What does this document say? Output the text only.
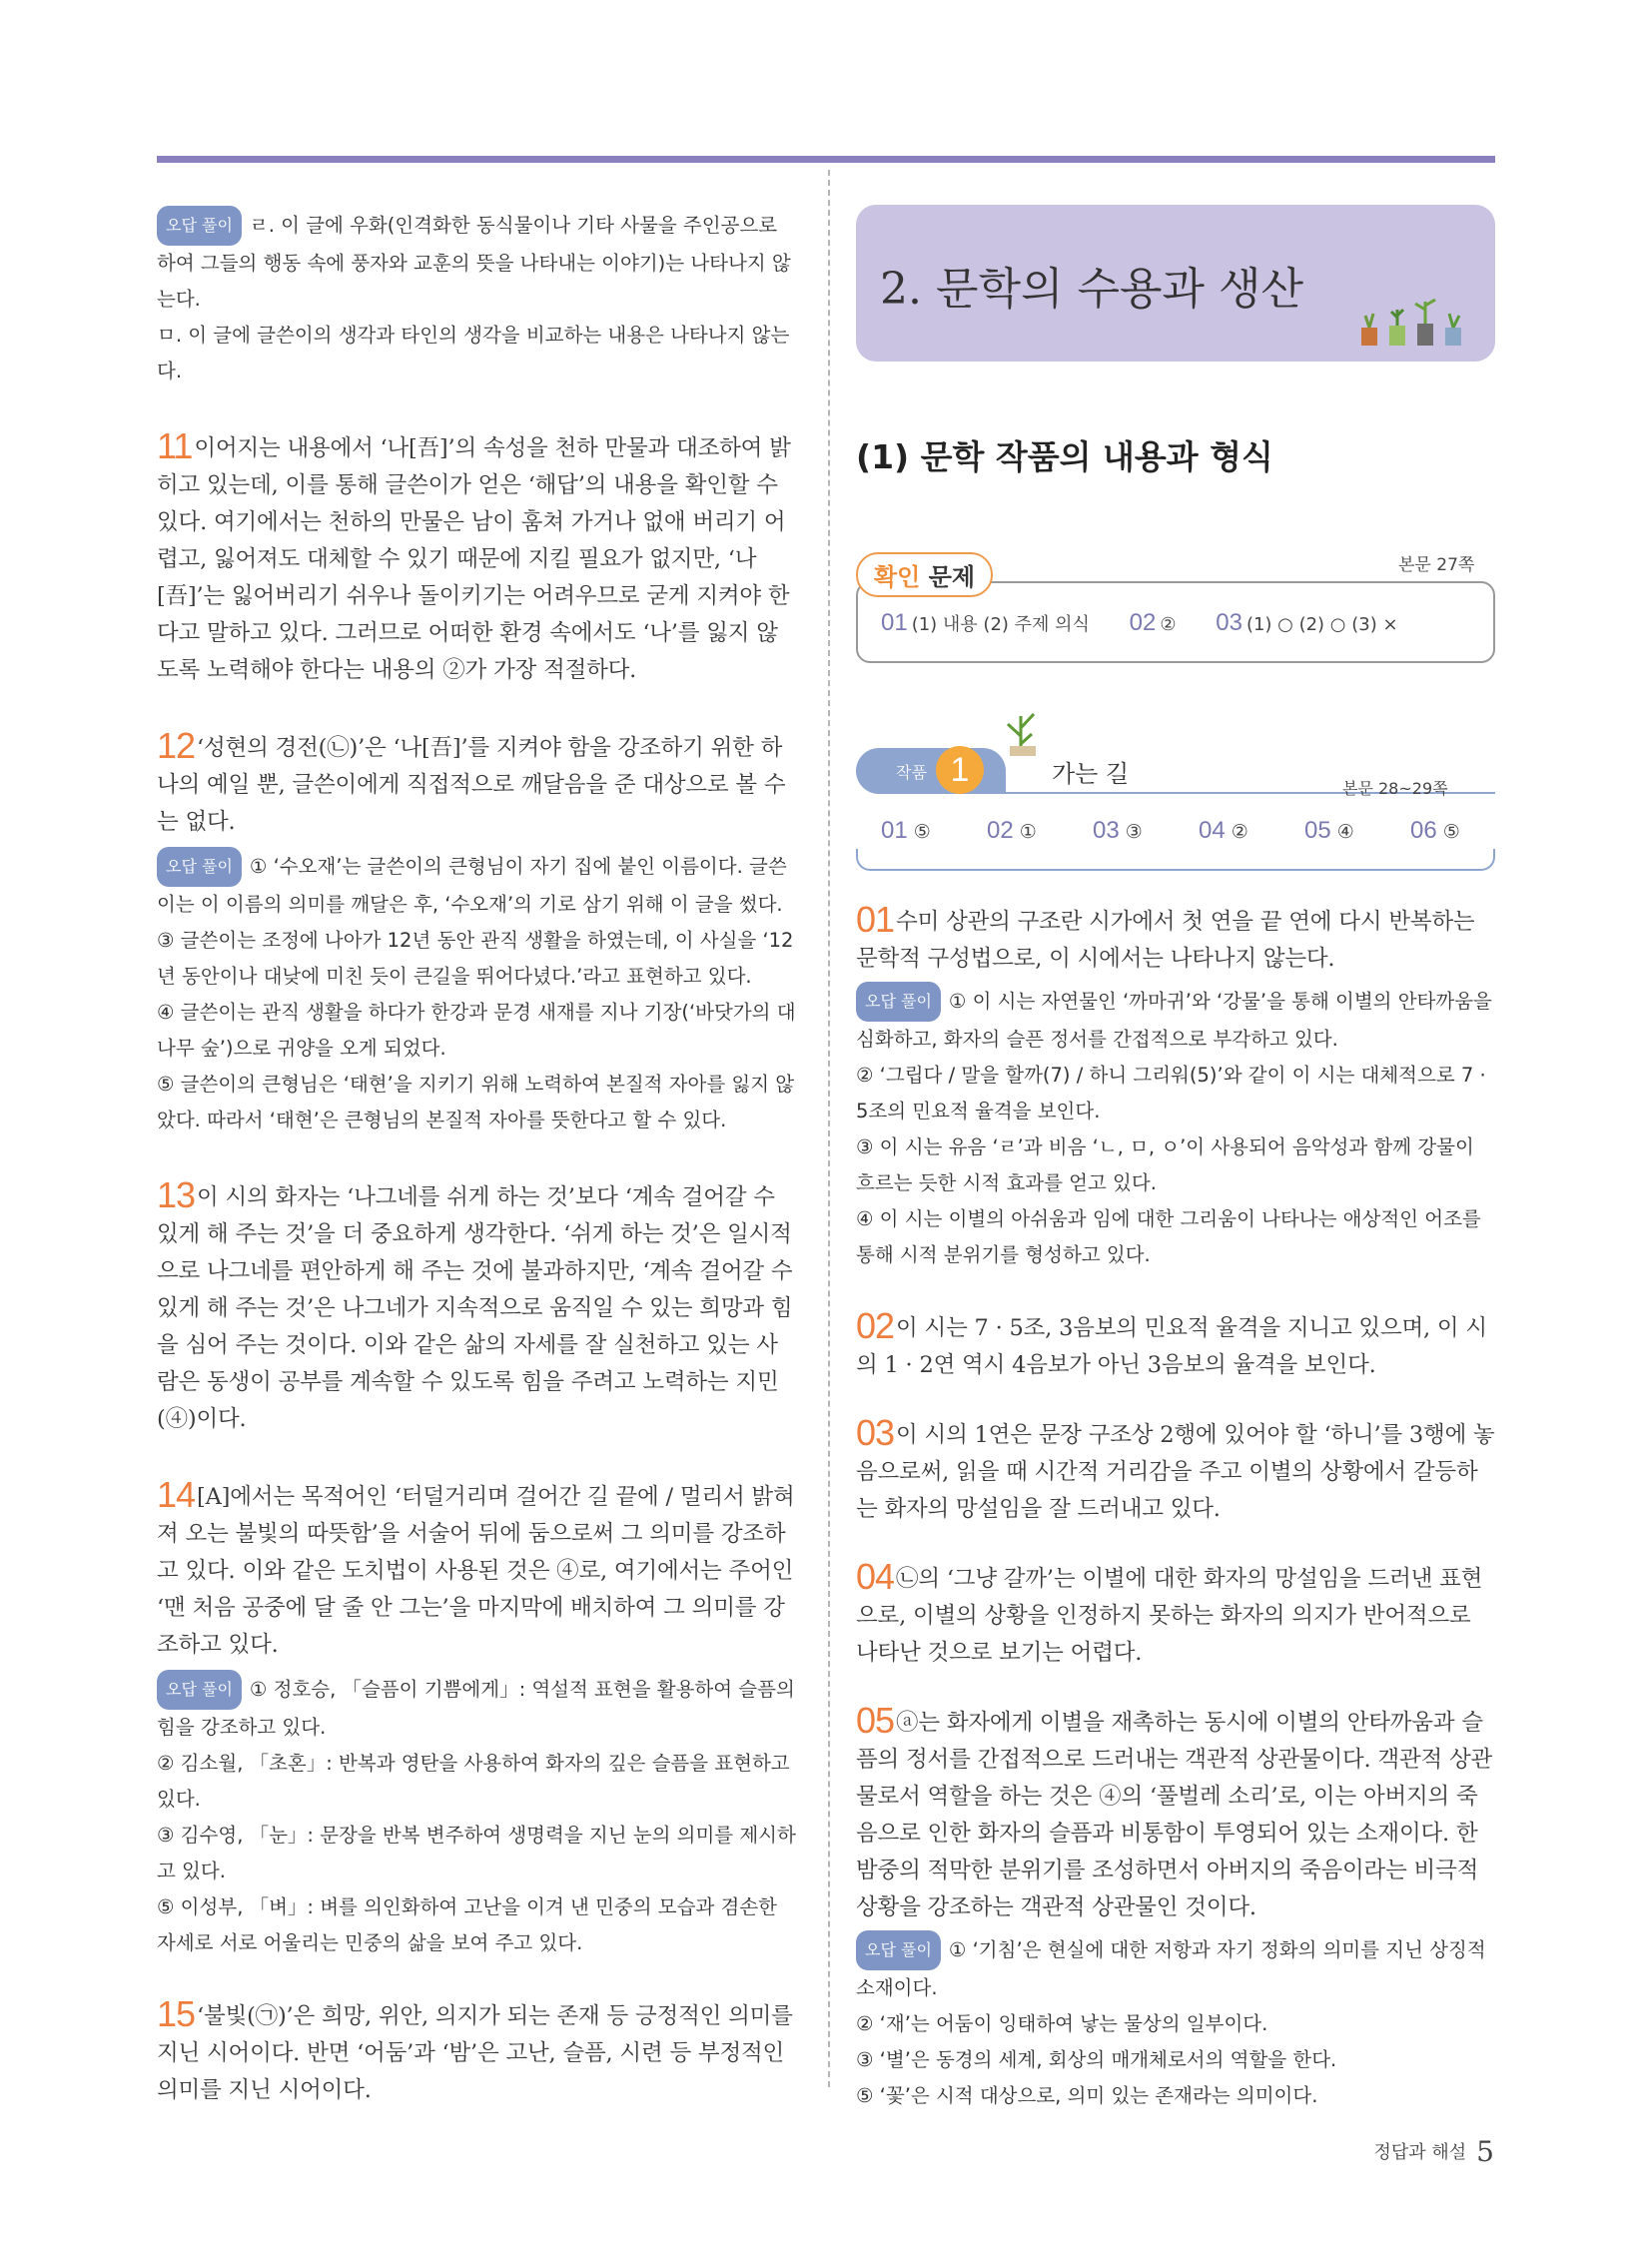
오답 풀이 ㄹ. 이 글에 우화(인격화한 동식물이나 기타 사물을 주인공으로 하여 그들의 행동 속에 풍자와 교훈의 뜻을 나타내는 이야기)는 나타나지 않는다.

ㅁ. 이 글에 글쓴이의 생각과 타인의 생각을 비교하는 내용은 나타나지 않는다.

11이어지는 내용에서 ‘나[吾]’의 속성을 천하 만물과 대조하여 밝히고 있는데, 이를 통해 글쓴이가 얻은 ‘해답’의 내용을 확인할 수 있다. 여기에서는 천하의 만물은 남이 훔쳐 가거나 없애 버리기 어렵고, 잃어져도 대체할 수 있기 때문에 지킬 필요가 없지만, ‘나[吾]’는 잃어버리기 쉬우나 돌이키기는 어려우므로 굳게 지켜야 한다고 말하고 있다. 그러므로 어떠한 환경 속에서도 ‘나’를 잃지 않도록 노력해야 한다는 내용의 ②가 가장 적절하다.
12‘성현의 경전(㉡)’은 ‘나[吾]’를 지켜야 함을 강조하기 위한 하나의 예일 뿐, 글쓴이에게 직접적으로 깨달음을 준 대상으로 볼 수는 없다.

오답 풀이 ① ‘수오재’는 글쓴이의 큰형님이 자기 집에 붙인 이름이다. 글쓴이는 이 이름의 의미를 깨달은 후, ‘수오재’의 기로 삼기 위해 이 글을 썼다.

③ 글쓴이는 조정에 나아가 12년 동안 관직 생활을 하였는데, 이 사실을 ‘12년 동안이나 대낮에 미친 듯이 큰길을 뛰어다녔다.’라고 표현하고 있다.

④ 글쓴이는 관직 생활을 하다가 한강과 문경 새재를 지나 기장(‘바닷가의 대나무 숲’)으로 귀양을 오게 되었다.

⑤ 글쓴이의 큰형님은 ‘태현’을 지키기 위해 노력하여 본질적 자아를 잃지 않았다. 따라서 ‘태현’은 큰형님의 본질적 자아를 뜻한다고 할 수 있다.

13이 시의 화자는 ‘나그네를 쉬게 하는 것’보다 ‘계속 걸어갈 수 있게 해 주는 것’을 더 중요하게 생각한다. ‘쉬게 하는 것’은 일시적으로 나그네를 편안하게 해 주는 것에 불과하지만, ‘계속 걸어갈 수 있게 해 주는 것’은 나그네가 지속적으로 움직일 수 있는 희망과 힘을 심어 주는 것이다. 이와 같은 삶의 자세를 잘 실천하고 있는 사람은 동생이 공부를 계속할 수 있도록 힘을 주려고 노력하는 지민(④)이다.
14[A]에서는 목적어인 ‘터덜거리며 걸어간 길 끝에 / 멀리서 밝혀져 오는 불빛의 따뜻함’을 서술어 뒤에 둠으로써 그 의미를 강조하고 있다. 이와 같은 도치법이 사용된 것은 ④로, 여기에서는 주어인 ‘맨 처음 공중에 달 줄 안 그는’을 마지막에 배치하여 그 의미를 강조하고 있다.

오답 풀이 ① 정호승, 「슬픔이 기쁨에게」: 역설적 표현을 활용하여 슬픔의 힘을 강조하고 있다.

② 김소월, 「초혼」: 반복과 영탄을 사용하여 화자의 깊은 슬픔을 표현하고 있다.

③ 김수영, 「눈」: 문장을 반복 변주하여 생명력을 지닌 눈의 의미를 제시하고 있다.

⑤ 이성부, 「벼」: 벼를 의인화하여 고난을 이겨 낸 민중의 모습과 겸손한 자세로 서로 어울리는 민중의 삶을 보여 주고 있다.

15‘불빛(㉠)’은 희망, 위안, 의지가 되는 존재 등 긍정적인 의미를 지닌 시어이다. 반면 ‘어둠’과 ‘밤’은 고난, 슬픔, 시련 등 부정적인 의미를 지닌 시어이다.
2. 문학의 수용과 생산
(1) 문학 작품의 내용과 형식
확인 문제	본문 27쪽
01 (1) 내용 (2) 주제 의식 02 ② 03 (1) ○ (2) ○ (3) ×
작품 1	가는 길
본문 28~29쪽
01 ⑤ 02 ① 03 ③ 04 ② 05 ④ 06 ⑤
01수미 상관의 구조란 시가에서 첫 연을 끝 연에 다시 반복하는 문학적 구성법으로, 이 시에서는 나타나지 않는다.

오답 풀이 ① 이 시는 자연물인 ‘까마귀’와 ‘강물’을 통해 이별의 안타까움을 심화하고, 화자의 슬픈 정서를 간접적으로 부각하고 있다.

② ‘그립다 / 말을 할까(7) / 하니 그리워(5)’와 같이 이 시는 대체적으로 7 · 5조의 민요적 율격을 보인다.

③ 이 시는 유음 ‘ㄹ’과 비음 ‘ㄴ, ㅁ, ㅇ’이 사용되어 음악성과 함께 강물이 흐르는 듯한 시적 효과를 얻고 있다.

④ 이 시는 이별의 아쉬움과 임에 대한 그리움이 나타나는 애상적인 어조를 통해 시적 분위기를 형성하고 있다.

02이 시는 7 · 5조, 3음보의 민요적 율격을 지니고 있으며, 이 시의 1 · 2연 역시 4음보가 아닌 3음보의 율격을 보인다.
03이 시의 1연은 문장 구조상 2행에 있어야 할 ‘하니’를 3행에 놓음으로써, 읽을 때 시간적 거리감을 주고 이별의 상황에서 갈등하는 화자의 망설임을 잘 드러내고 있다.
04㉡의 ‘그냥 갈까’는 이별에 대한 화자의 망설임을 드러낸 표현으로, 이별의 상황을 인정하지 못하는 화자의 의지가 반어적으로 나타난 것으로 보기는 어렵다.
05ⓐ는 화자에게 이별을 재촉하는 동시에 이별의 안타까움과 슬픔의 정서를 간접적으로 드러내는 객관적 상관물이다. 객관적 상관물로서 역할을 하는 것은 ④의 ‘풀벌레 소리’로, 이는 아버지의 죽음으로 인한 화자의 슬픔과 비통함이 투영되어 있는 소재이다. 한밤중의 적막한 분위기를 조성하면서 아버지의 죽음이라는 비극적 상황을 강조하는 객관적 상관물인 것이다.

오답 풀이 ① ‘기침’은 현실에 대한 저항과 자기 정화의 의미를 지닌 상징적 소재이다.

② ‘재’는 어둠이 잉태하여 낳는 물상의 일부이다.

③ ‘별’은 동경의 세계, 회상의 매개체로서의 역할을 한다.

⑤ ‘꽃’은 시적 대상으로, 의미 있는 존재라는 의미이다.

정답과 해설 5
